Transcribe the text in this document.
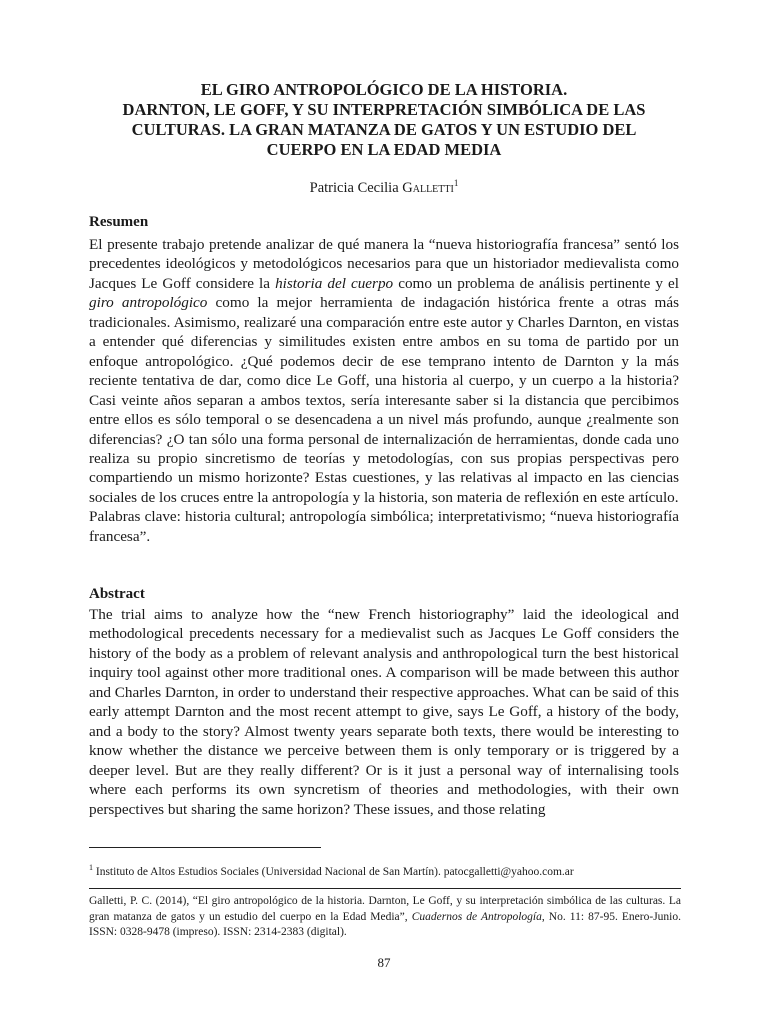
EL GIRO ANTROPOLÓGICO DE LA HISTORIA.
DARNTON, LE GOFF, Y SU INTERPRETACIÓN SIMBÓLICA DE LAS
CULTURAS. LA GRAN MATANZA DE GATOS Y UN ESTUDIO DEL
CUERPO EN LA EDAD MEDIA
Patricia Cecilia Galletti$^1$
Resumen

El presente trabajo pretende analizar de qué manera la “nueva historiografía francesa” sentó los precedentes ideológicos y metodológicos necesarios para que un historiador medievalista como Jacques Le Goff considere la historia del cuerpo como un problema de análisis pertinente y el giro antropológico como la mejor herramienta de indagación histórica frente a otras más tradicionales. Asimismo, realizaré una comparación entre este autor y Charles Darnton, en vistas a entender qué diferencias y similitudes existen entre ambos en su toma de partido por un enfoque antropológico. ¿Qué podemos decir de ese temprano intento de Darnton y la más reciente tentativa de dar, como dice Le Goff, una historia al cuerpo, y un cuerpo a la historia? Casi veinte años separan a ambos textos, sería interesante saber si la distancia que percibimos entre ellos es sólo temporal o se desencadena a un nivel más profundo, aunque ¿realmente son diferencias? ¿O tan sólo una forma personal de internalización de herramientas, donde cada uno realiza su propio sincretismo de teorías y metodologías, con sus propias perspectivas pero compartiendo un mismo horizonte? Estas cuestiones, y las relativas al impacto en las ciencias sociales de los cruces entre la antropología y la historia, son materia de reflexión en este artículo.

Palabras clave: historia cultural; antropología simbólica; interpretativismo; “nueva historiografía francesa”.

Abstract

The trial aims to analyze how the “new French historiography” laid the ideological and methodological precedents necessary for a medievalist such as Jacques Le Goff considers the history of the body as a problem of relevant analysis and anthropological turn the best historical inquiry tool against other more traditional ones. A comparison will be made between this author and Charles Darnton, in order to understand their respective approaches. What can be said of this early attempt Darnton and the most recent attempt to give, says Le Goff, a history of the body, and a body to the story? Almost twenty years separate both texts, there would be interesting to know whether the distance we perceive between them is only temporary or is triggered by a deeper level. But are they really different? Or is it just a personal way of internalising tools where each performs its own syncretism of theories and methodologies, with their own perspectives but sharing the same horizon? These issues, and those relating

$^1$ Instituto de Altos Estudios Sociales (Universidad Nacional de San Martín). patocgalletti@yahoo.com.ar
Galletti, P. C. (2014), “El giro antropológico de la historia. Darnton, Le Goff, y su interpretación simbólica de las culturas. La gran matanza de gatos y un estudio del cuerpo en la Edad Media”, Cuadernos de Antropología, No. 11: 87-95. Enero-Junio. ISSN: 0328-9478 (impreso). ISSN: 2314-2383 (digital).
87
